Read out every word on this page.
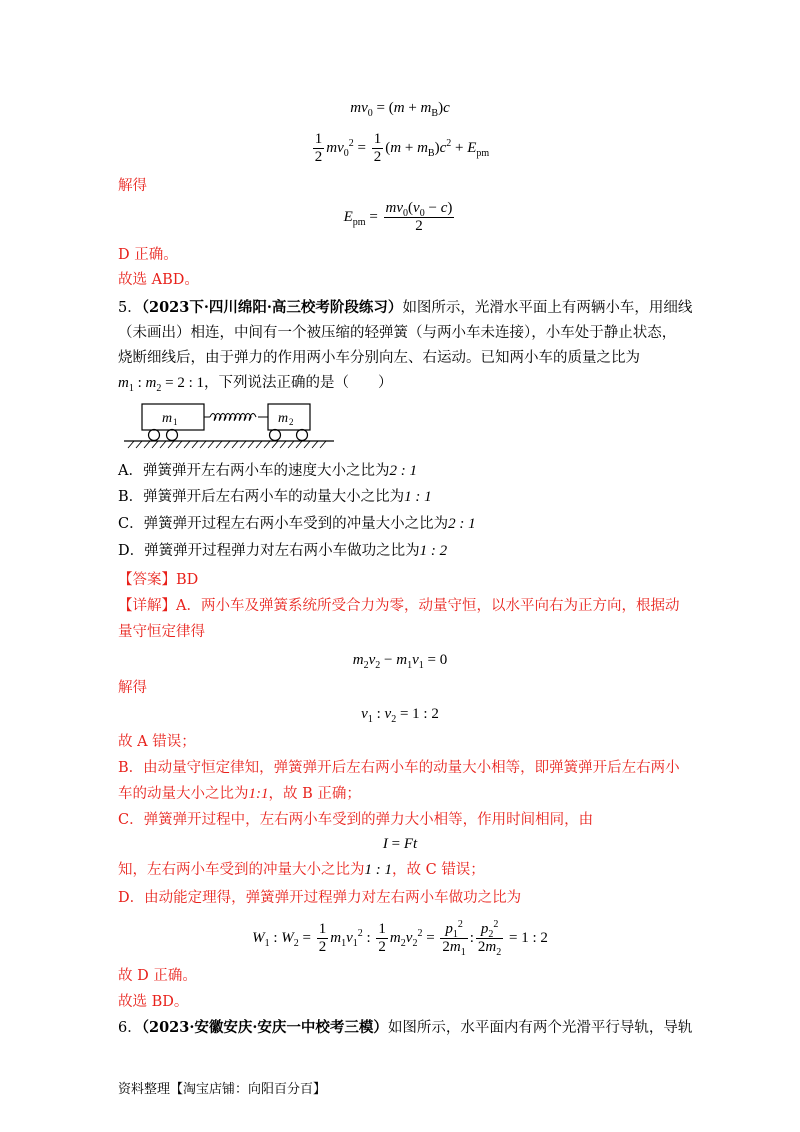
$mv_0 = (m + m_B)c$
$\frac{1}{2} mv_0^2 = \frac{1}{2} (m + m_B)c^2 + E_{pm}$
解得
$E_{pm} = \frac{mv_0(v_0 - c)}{2}$
D 正确。
故选 ABD。
5．（2023下·四川绵阳·高三校考阶段练习）如图所示，光滑水平面上有两辆小车，用细线
（未画出）相连，中间有一个被压缩的轻弹簧（与两小车未连接），小车处于静止状态，
烧断细线后，由于弹力的作用两小车分别向左、右运动。已知两小车的质量之比为
$m_1$ : $m_2 = 2$ : 1，下列说法正确的是（　　）
m 1	m 2
A．弹簧弹开左右两小车的速度大小之比为2 : 1
B．弹簧弹开后左右两小车的动量大小之比为1 : 1
C．弹簧弹开过程左右两小车受到的冲量大小之比为2 : 1
D．弹簧弹开过程弹力对左右两小车做功之比为1 : 2
【答案】BD
【详解】A．两小车及弹簧系统所受合力为零，动量守恒，以水平向右为正方向，根据动
量守恒定律得
$m_2v_2 - m_1v_1 = 0$
解得
$v_1$ : $v_2 = 1$ : 2
故 A 错误；
B．由动量守恒定律知，弹簧弹开后左右两小车的动量大小相等，即弹簧弹开后左右两小
车的动量大小之比为1:1，故 B 正确；
C．弹簧弹开过程中，左右两小车受到的弹力大小相等，作用时间相同，由
I = Ft
知，左右两小车受到的冲量大小之比为1 : 1，故 C 错误；
D．由动能定理得，弹簧弹开过程弹力对左右两小车做功之比为
$W_1$ : $W_2 = \frac{1}{2} m_1v_1^2$ : $\frac{1}{2} m_2v_2^2 = \frac{p_1^2}{2m_1}$ : $\frac{p_2^2}{2m_2} = 1$ : 2
故 D 正确。
故选 BD。
6．（2023·安徽安庆·安庆一中校考三模）如图所示，水平面内有两个光滑平行导轨，导轨
资料整理【淘宝店铺：向阳百分百】
